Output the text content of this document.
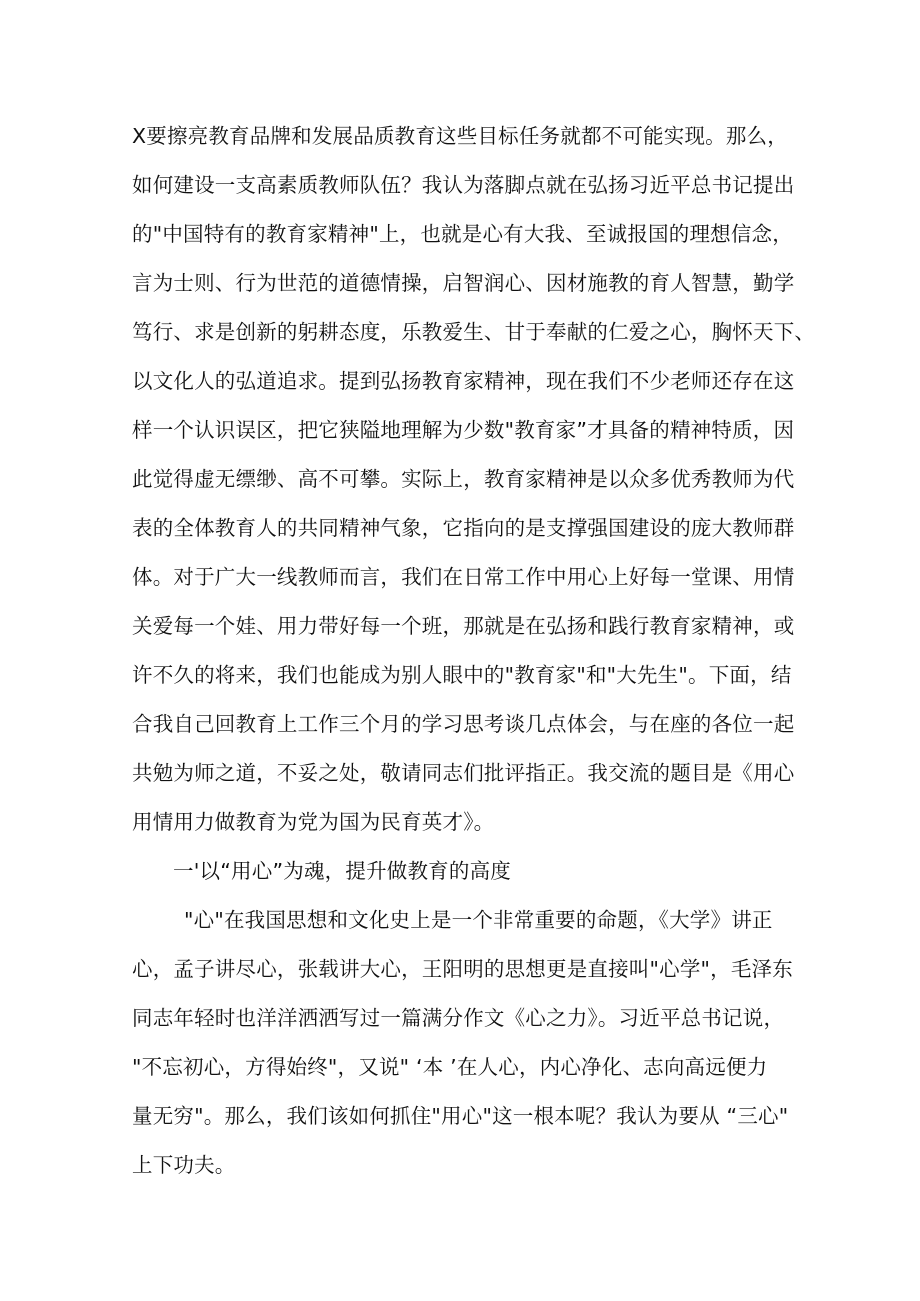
X要擦亮教育品牌和发展品质教育这些目标任务就都不可能实现。那么，

如何建设一支高素质教师队伍？我认为落脚点就在弘扬习近平总书记提出

的"中国特有的教育家精神"上，也就是心有大我、至诚报国的理想信念，

言为士则、行为世范的道德情操，启智润心、因材施教的育人智慧，勤学

笃行、求是创新的躬耕态度，乐教爱生、甘于奉献的仁爱之心，胸怀天下、

以文化人的弘道追求。提到弘扬教育家精神，现在我们不少老师还存在这

样一个认识误区，把它狭隘地理解为少数"教育家”才具备的精神特质，因

此觉得虚无缥缈、高不可攀。实际上，教育家精神是以众多优秀教师为代

表的全体教育人的共同精神气象，它指向的是支撑强国建设的庞大教师群

体。对于广大一线教师而言，我们在日常工作中用心上好每一堂课、用情

关爱每一个娃、用力带好每一个班，那就是在弘扬和践行教育家精神，或

许不久的将来，我们也能成为别人眼中的"教育家"和"大先生"。下面，结

合我自己回教育上工作三个月的学习思考谈几点体会，与在座的各位一起

共勉为师之道，不妥之处，敬请同志们批评指正。我交流的题目是《用心

用情用力做教育为党为国为民育英才》。

一'以“用心”为魂，提升做教育的高度

"心"在我国思想和文化史上是一个非常重要的命题，《大学》讲正

心，孟子讲尽心，张载讲大心，王阳明的思想更是直接叫"心学"，毛泽东

同志年轻时也洋洋洒洒写过一篇满分作文《心之力》。习近平总书记说，

"不忘初心，方得始终"，又说" ‘本 ’在人心，内心净化、志向高远便力

量无穷"。那么，我们该如何抓住"用心"这一根本呢？我认为要从 “三心"

上下功夫。
